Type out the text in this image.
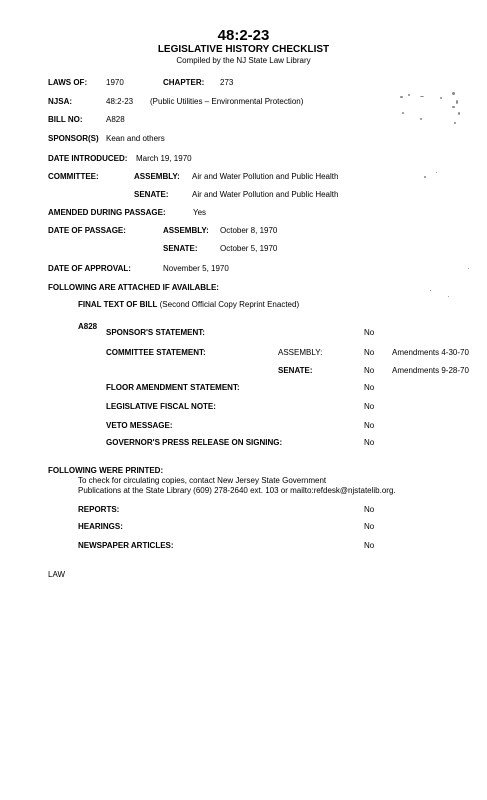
48:2-23
LEGISLATIVE HISTORY CHECKLIST
Compiled by the NJ State Law Library
LAWS OF: 1970	CHAPTER: 273
NJSA:	48:2-23 (Public Utilities – Environmental Protection)
BILL NO:	A828
SPONSOR(S) Kean and others
DATE INTRODUCED: March 19, 1970
COMMITTEE:	ASSEMBLY: Air and Water Pollution and Public Health
SENATE:	Air and Water Pollution and Public Health
AMENDED DURING PASSAGE:	Yes
DATE OF PASSAGE:	ASSEMBLY: October 8, 1970
SENATE:	October 5, 1970
DATE OF APPROVAL:	November 5, 1970
FOLLOWING ARE ATTACHED IF AVAILABLE:
FINAL TEXT OF BILL (Second Official Copy Reprint Enacted)
A828
SPONSOR'S STATEMENT:	No
COMMITTEE STATEMENT:	ASSEMBLY:	No Amendments 4-30-70
SENATE:	No Amendments 9-28-70
FLOOR AMENDMENT STATEMENT:	No
LEGISLATIVE FISCAL NOTE:	No
VETO MESSAGE:	No
GOVERNOR'S PRESS RELEASE ON SIGNING:	No
FOLLOWING WERE PRINTED:
To check for circulating copies, contact New Jersey State Government
Publications at the State Library (609) 278-2640 ext. 103 or mailto:refdesk@njstatelib.org.
REPORTS:	No
HEARINGS:	No
NEWSPAPER ARTICLES:	No
LAW
